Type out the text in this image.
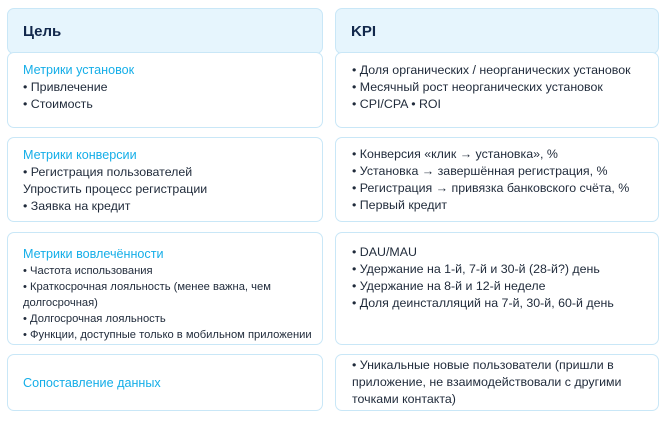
Цель	KPI
Метрики установок
• Привлечение
• Стоимость
• Доля органических / неорганических установок
• Месячный рост неорганических установок
• CPI/CPA • ROI
Метрики конверсии
• Регистрация пользователей
Упростить процесс регистрации
• Заявка на кредит
• Конверсия «клик → установка», %
• Установка → завершённая регистрация, %
• Регистрация → привязка банковского счёта, %
• Первый кредит
Метрики вовлечённости
• Частота использования
• Краткосрочная лояльность (менее важна, чем
долгосрочная)
• Долгосрочная лояльность
• Функции, доступные только в мобильном приложении
• DAU/MAU
• Удержание на 1-й, 7-й и 30-й (28-й?) день
• Удержание на 8-й и 12-й неделе
• Доля деинсталляций на 7-й, 30-й, 60-й день
Сопоставление данных
• Уникальные новые пользователи (пришли в
приложение, не взаимодействовали с другими
точками контакта)
